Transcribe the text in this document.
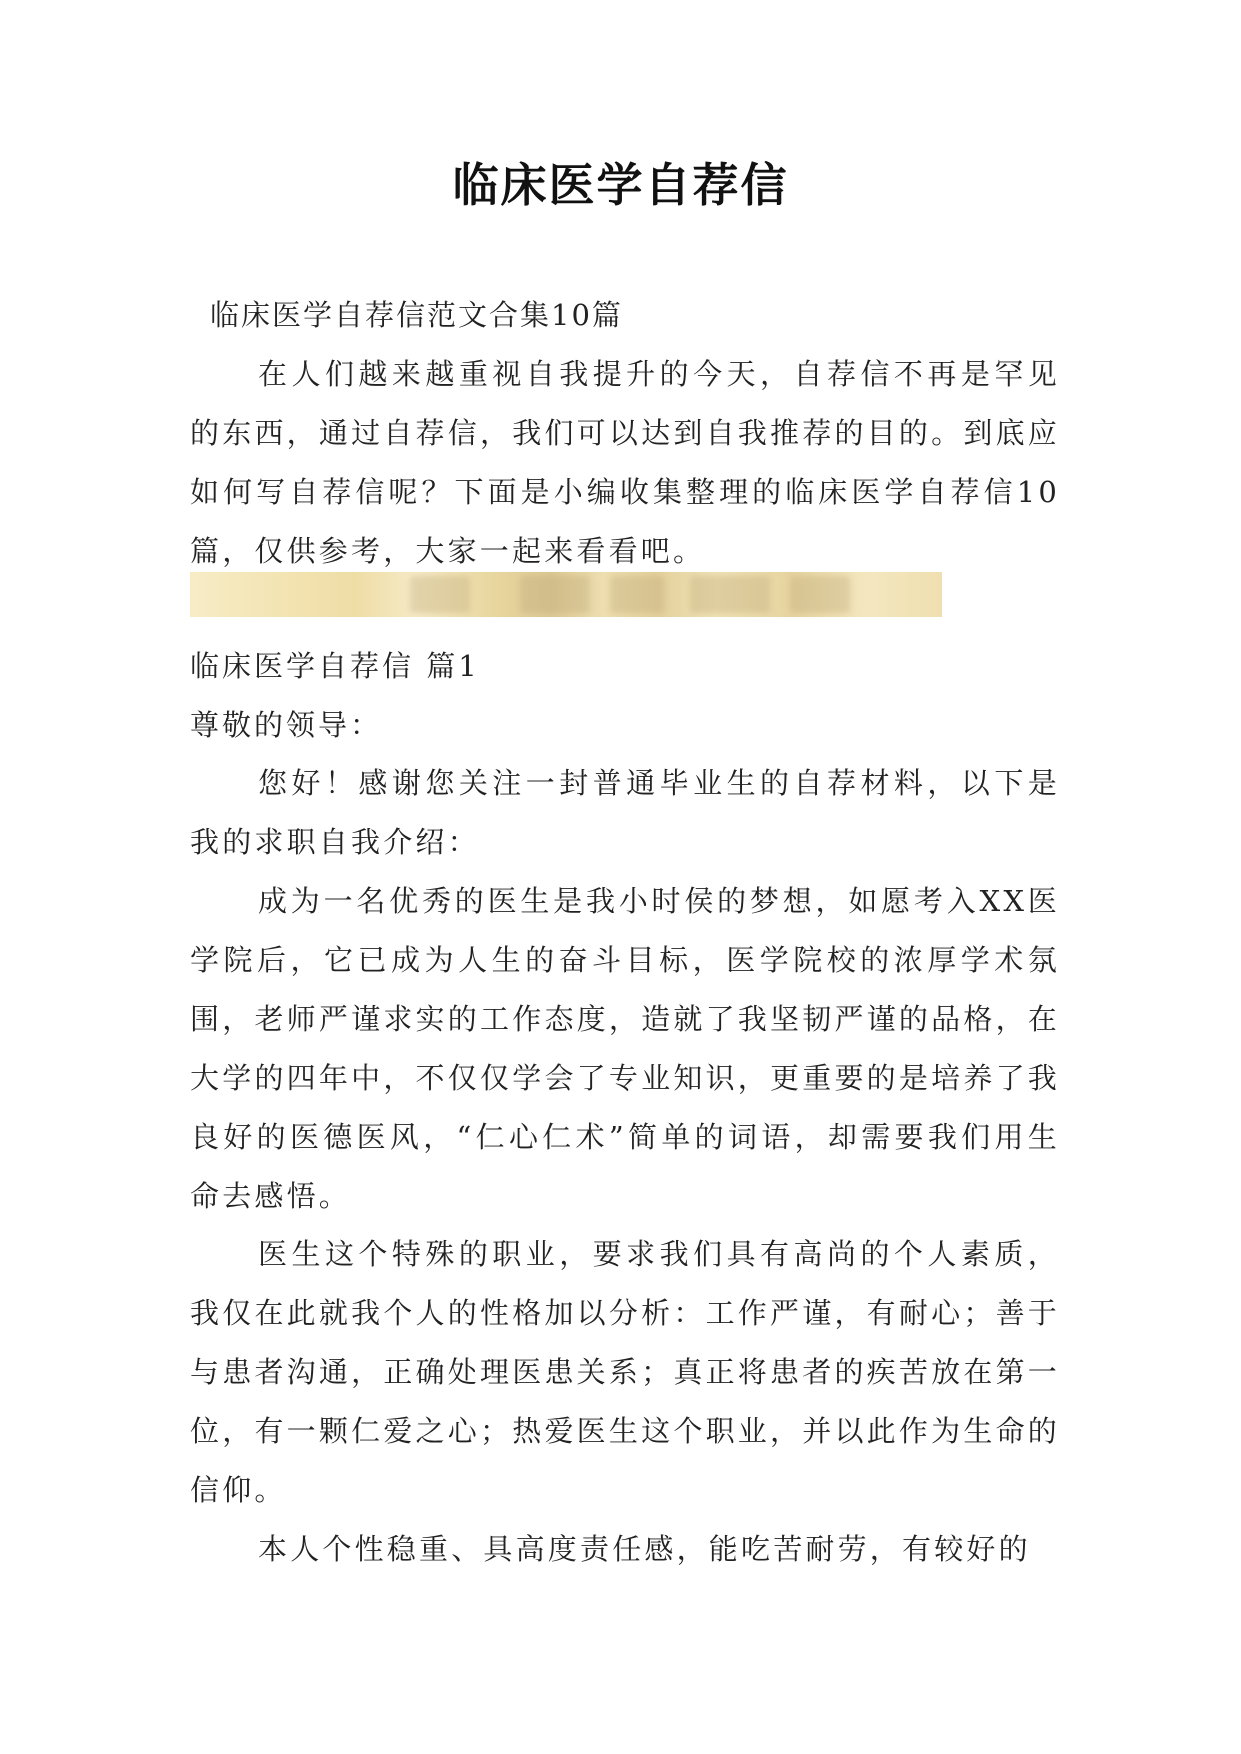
临床医学自荐信
临床医学自荐信范文合集10篇

在人们越来越重视自我提升的今天，自荐信不再是罕见的东西，通过自荐信，我们可以达到自我推荐的目的。到底应如何写自荐信呢？下面是小编收集整理的临床医学自荐信10篇，仅供参考，大家一起来看看吧。

临床医学自荐信 篇1
尊敬的领导：

您好！感谢您关注一封普通毕业生的自荐材料，以下是我的求职自我介绍：

成为一名优秀的医生是我小时侯的梦想，如愿考入XX医学院后，它已成为人生的奋斗目标，医学院校的浓厚学术氛围，老师严谨求实的工作态度，造就了我坚韧严谨的品格，在大学的四年中，不仅仅学会了专业知识，更重要的是培养了我良好的医德医风，“仁心仁术”简单的词语，却需要我们用生命去感悟。

医生这个特殊的职业，要求我们具有高尚的个人素质，我仅在此就我个人的性格加以分析：工作严谨，有耐心；善于与患者沟通，正确处理医患关系；真正将患者的疾苦放在第一位，有一颗仁爱之心；热爱医生这个职业，并以此作为生命的信仰。

本人个性稳重、具高度责任感，能吃苦耐劳，有较好的
